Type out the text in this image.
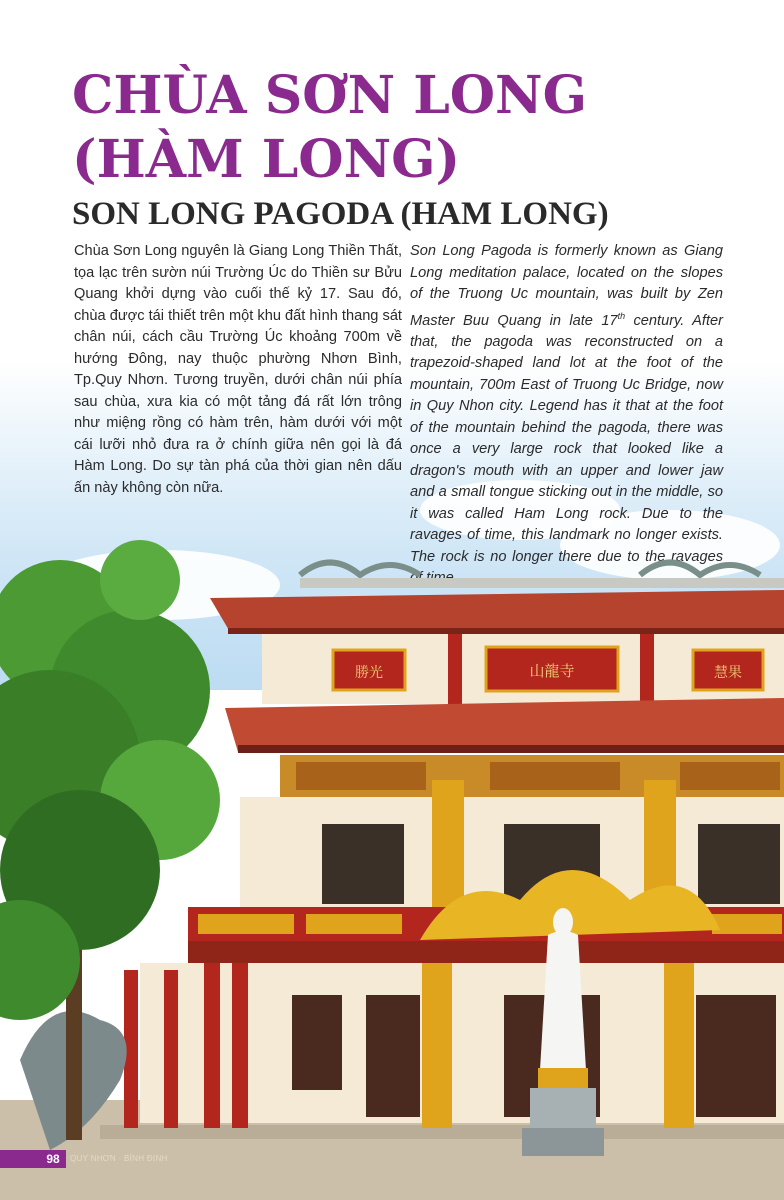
CHÙA SƠN LONG (HÀM LONG)
SON LONG PAGODA (HAM LONG)

Chùa Sơn Long nguyên là Giang Long Thiền Thất, tọa lạc trên sườn núi Trường Úc do Thiền sư Bửu Quang khởi dựng vào cuối thế kỷ 17. Sau đó, chùa được tái thiết trên một khu đất hình thang sát chân núi, cách cầu Trường Úc khoảng 700m về hướng Đông, nay thuộc phường Nhơn Bình, Tp.Quy Nhơn. Tương truyền, dưới chân núi phía sau chùa, xưa kia có một tảng đá rất lớn trông như miệng rồng có hàm trên, hàm dưới với một cái lưỡi nhỏ đưa ra ở chính giữa nên gọi là đá Hàm Long. Do sự tàn phá của thời gian nên dấu ấn này không còn nữa.

Son Long Pagoda is formerly known as Giang Long meditation palace, located on the slopes of the Truong Uc mountain, was built by Zen Master Buu Quang in late 17th century. After that, the pagoda was reconstructed on a trapezoid-shaped land lot at the foot of the mountain, 700m East of Truong Uc Bridge, now in Quy Nhon city. Legend has it that at the foot of the mountain behind the pagoda, there was once a very large rock that looked like a dragon's mouth with an upper and lower jaw and a small tongue sticking out in the middle, so it was called Ham Long rock. Due to the ravages of time, this landmark no longer exists. The rock is no longer there due to the ravages

勝光	山龍寺	慧果
98	QUY NHƠN · BÌNH ĐỊNH
